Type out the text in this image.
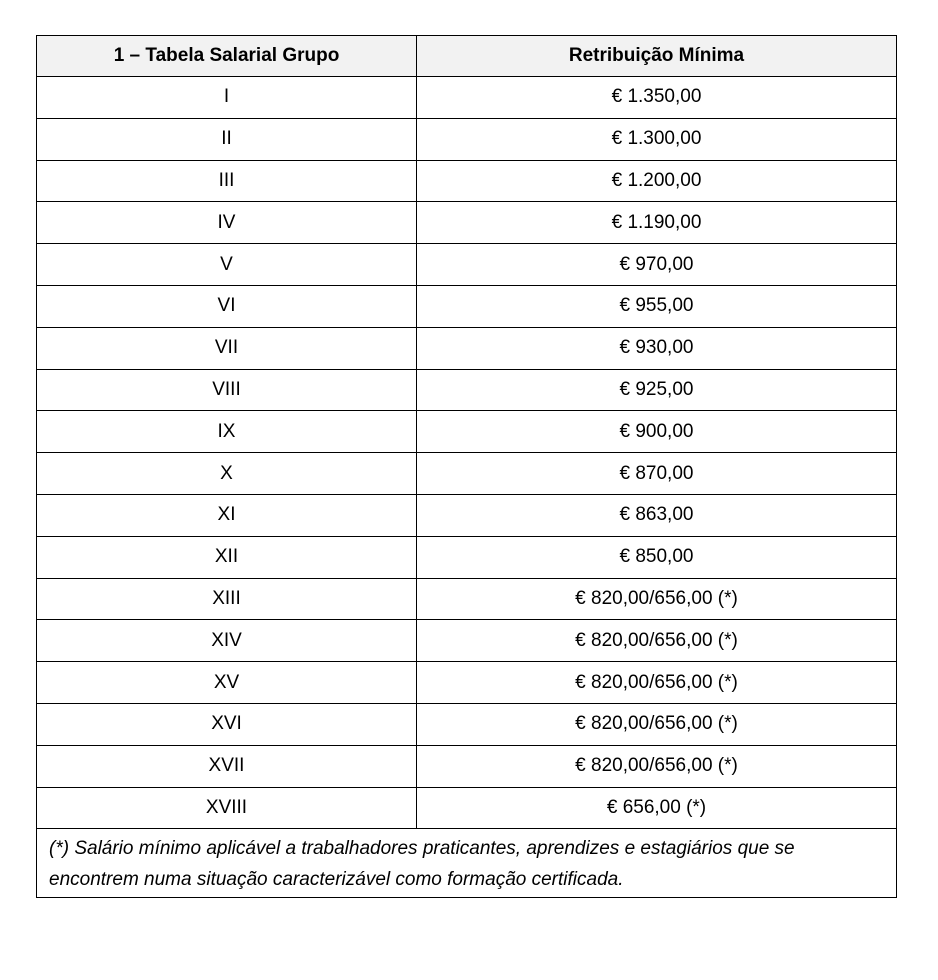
1 – Tabela Salarial Grupo	Retribuição Mínima
I	€ 1.350,00
II	€ 1.300,00
III	€ 1.200,00
IV	€ 1.190,00
V	€ 970,00
VI	€ 955,00
VII	€ 930,00
VIII	€ 925,00
IX	€ 900,00
X	€ 870,00
XI	€ 863,00
XII	€ 850,00
XIII	€ 820,00/656,00 (*)
XIV	€ 820,00/656,00 (*)
XV	€ 820,00/656,00 (*)
XVI	€ 820,00/656,00 (*)
XVII	€ 820,00/656,00 (*)
XVIII	€ 656,00 (*)
(*) Salário mínimo aplicável a trabalhadores praticantes, aprendizes e estagiários que se encontrem numa situação caracterizável como formação certificada.	
